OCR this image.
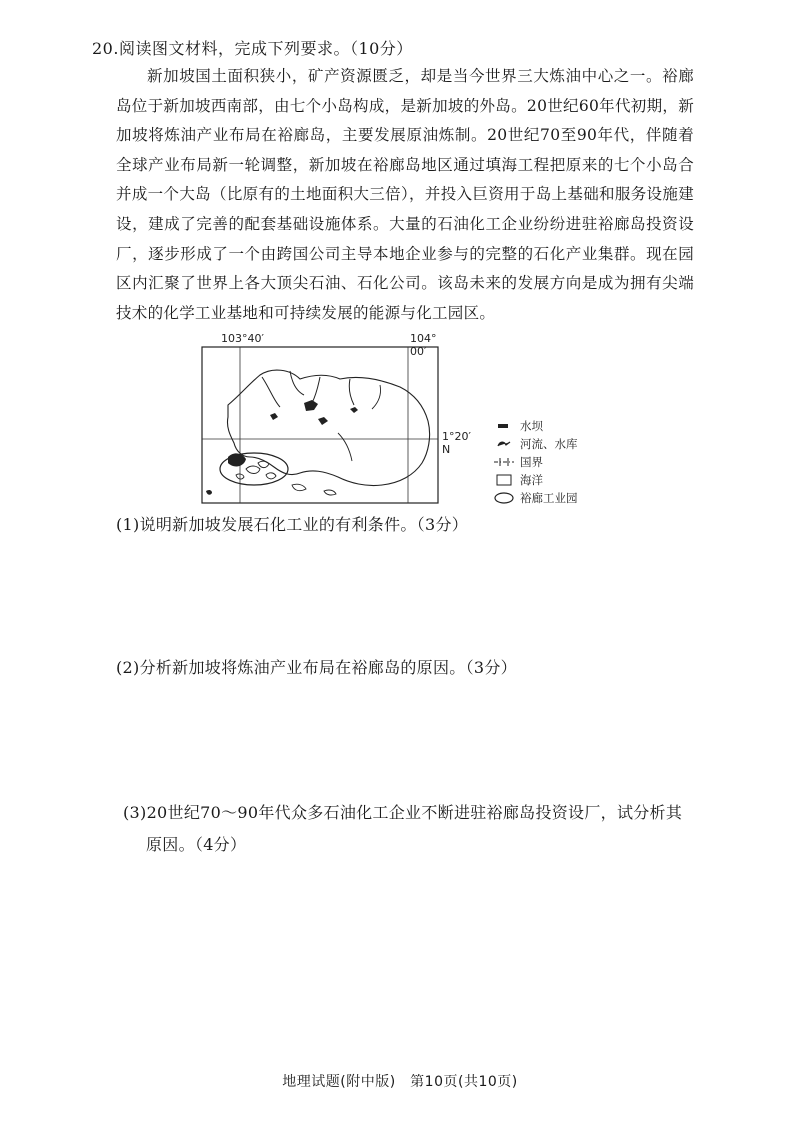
20.阅读图文材料，完成下列要求。（10分）
新加坡国土面积狭小，矿产资源匮乏，却是当今世界三大炼油中心之一。裕廊岛位于新加坡西南部，由七个小岛构成，是新加坡的外岛。20世纪60年代初期，新加坡将炼油产业布局在裕廊岛，主要发展原油炼制。20世纪70至90年代，伴随着全球产业布局新一轮调整，新加坡在裕廊岛地区通过填海工程把原来的七个小岛合并成一个大岛（比原有的土地面积大三倍），并投入巨资用于岛上基础和服务设施建设，建成了完善的配套基础设施体系。大量的石油化工企业纷纷进驻裕廊岛投资设厂，逐步形成了一个由跨国公司主导本地企业参与的完整的石化产业集群。现在园区内汇聚了世界上各大顶尖石油、石化公司。该岛未来的发展方向是成为拥有尖端技术的化学工业基地和可持续发展的能源与化工园区。
103°40′	104° 00′
1°20′ N
水坝
河流、水库
国界
海洋
裕廊工业园
(1)说明新加坡发展石化工业的有利条件。（3分）
(2)分析新加坡将炼油产业布局在裕廊岛的原因。（3分）
(3)20世纪70～90年代众多石油化工企业不断进驻裕廊岛投资设厂，试分析其
原因。（4分）
地理试题(附中版)　第10页(共10页)
